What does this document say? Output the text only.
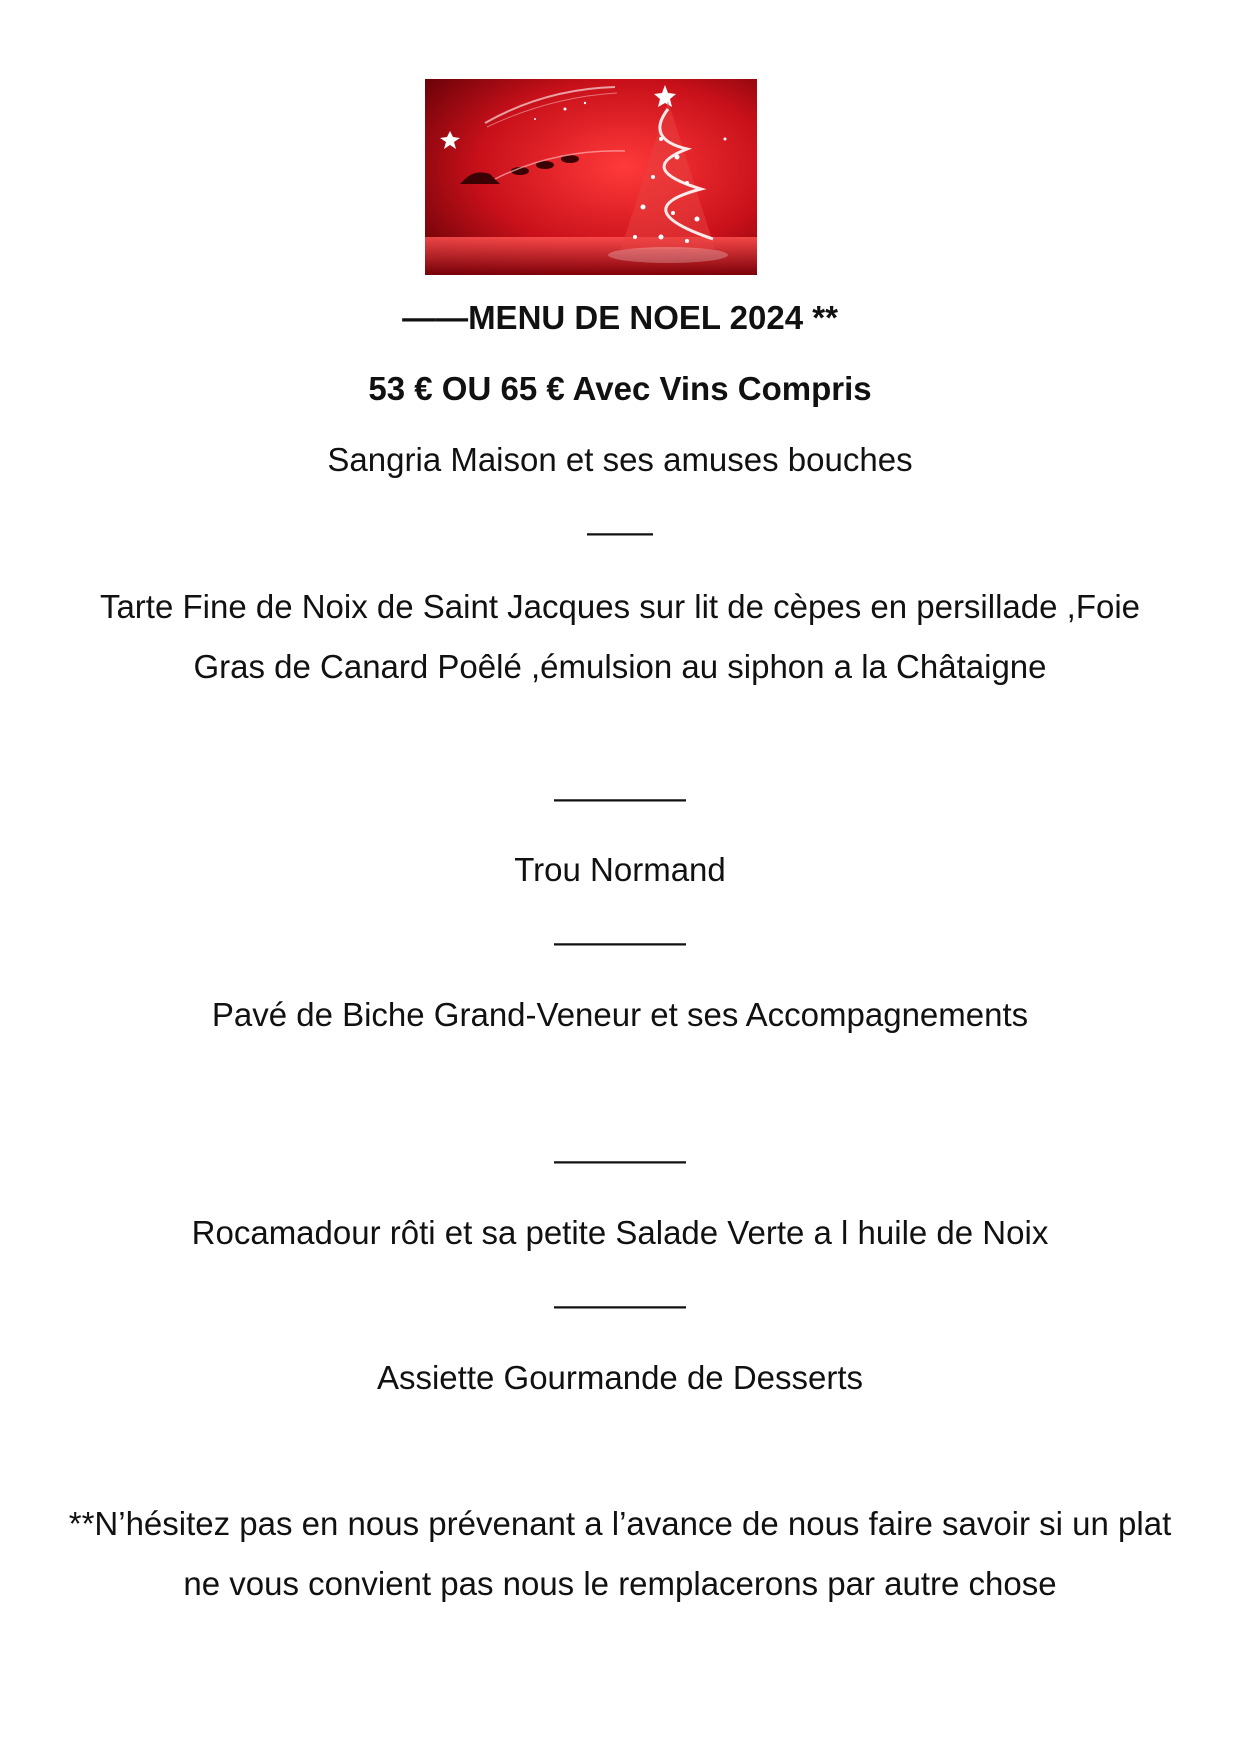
——MENU DE NOEL 2024 **
53 € OU 65 € Avec Vins Compris
Sangria Maison et ses amuses bouches
——
Tarte Fine de Noix de Saint Jacques sur lit de cèpes en persillade ,Foie Gras de Canard Poêlé ,émulsion au siphon a la Châtaigne
————
Trou Normand
————
Pavé de Biche Grand-Veneur et ses Accompagnements
————
Rocamadour rôti et sa petite Salade Verte a l huile de Noix
————
Assiette Gourmande de Desserts
**N’hésitez pas en nous prévenant a l’avance de nous faire savoir si un plat ne vous convient pas nous le remplacerons par autre chose
